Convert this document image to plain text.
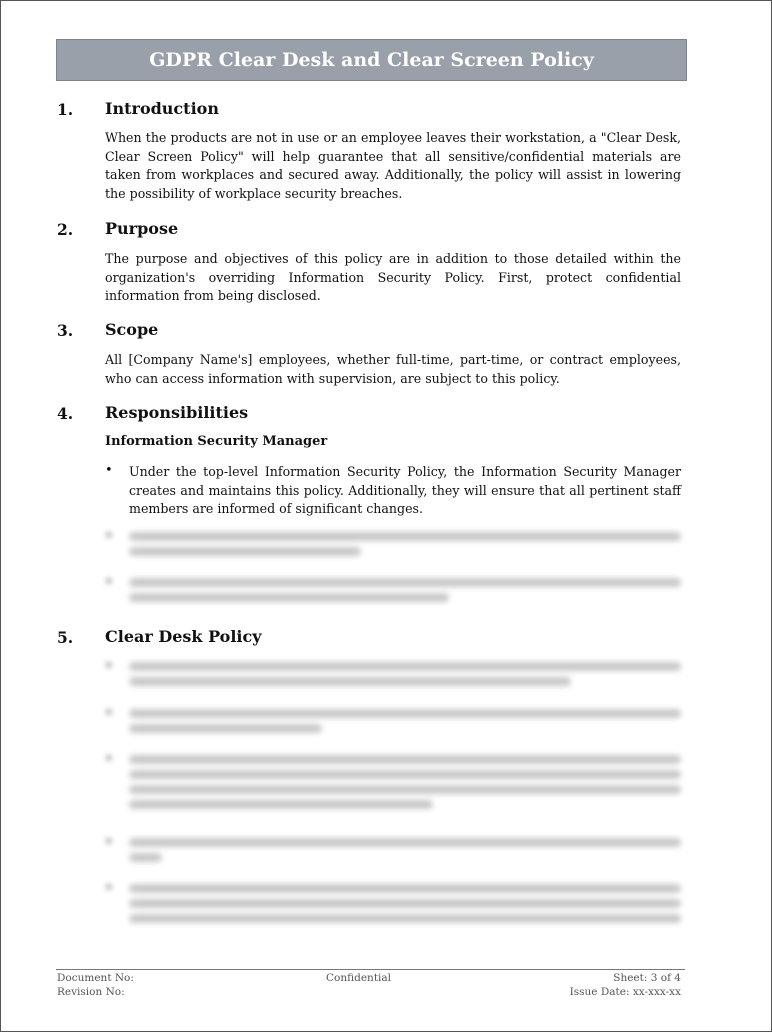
GDPR Clear Desk and Clear Screen Policy
1. Introduction
When the products are not in use or an employee leaves their workstation, a "Clear Desk, Clear Screen Policy" will help guarantee that all sensitive/confidential materials are taken from workplaces and secured away. Additionally, the policy will assist in lowering the possibility of workplace security breaches.
2. Purpose
The purpose and objectives of this policy are in addition to those detailed within the organization's overriding Information Security Policy. First, protect confidential information from being disclosed.
3. Scope
All [Company Name's] employees, whether full-time, part-time, or contract employees, who can access information with supervision, are subject to this policy.
4. Responsibilities
Information Security Manager
• Under the top-level Information Security Policy, the Information Security Manager creates and maintains this policy. Additionally, they will ensure that all pertinent staff members are informed of significant changes.
•
•
5. Clear Desk Policy
•
•
•
•
•
Document No:
Revision No:
Confidential	Sheet: 3 of 4
Issue Date: xx-xxx-xx
